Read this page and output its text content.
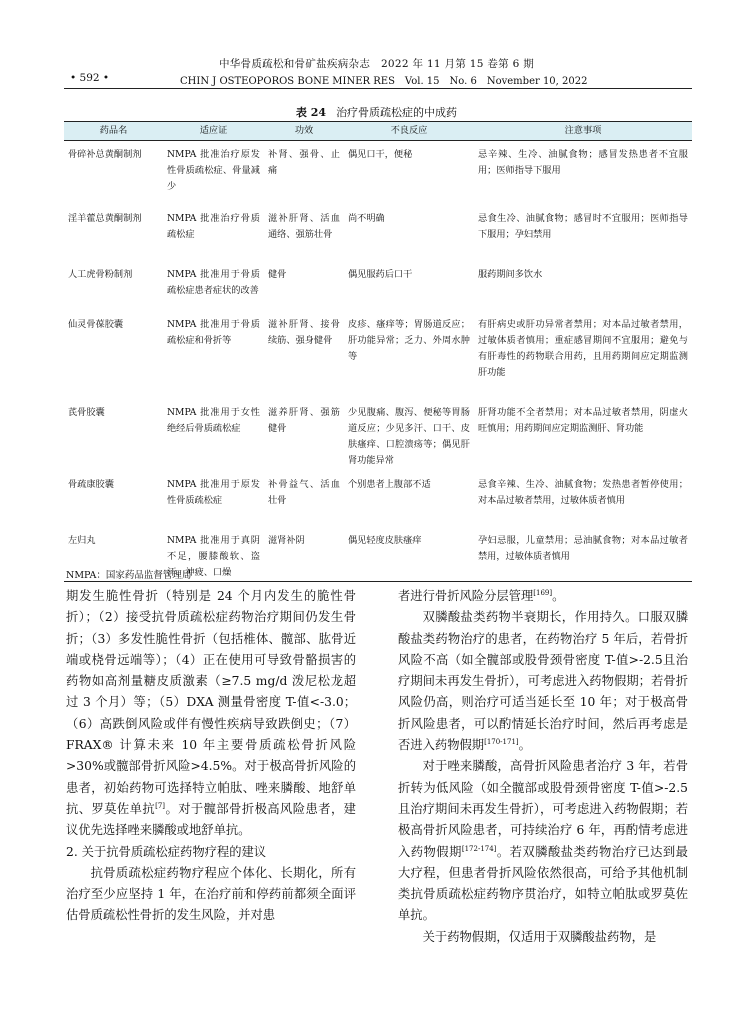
中华骨质疏松和骨矿盐疾病杂志　2022 年 11 月第 15 卷第 6 期
• 592 •	CHIN J OSTEOPOROS BONE MINER RES　Vol. 15　No. 6　November 10, 2022
表 24 治疗骨质疏松症的中成药
药品名	适应证	功效	不良反应	注意事项
骨碎补总黄酮制剂	NMPA 批准治疗原发性骨质疏松症、骨量减少	补肾、强骨、止痛	偶见口干，便秘	忌辛辣、生冷、油腻食物；感冒发热患者不宜服用；医师指导下服用
淫羊藿总黄酮制剂	NMPA 批准治疗骨质疏松症	滋补肝肾、活血通络、强筋壮骨	尚不明确	忌食生冷、油腻食物；感冒时不宜服用；医师指导下服用；孕妇禁用
人工虎骨粉制剂	NMPA 批准用于骨质疏松症患者症状的改善	健骨	偶见服药后口干	服药期间多饮水
仙灵骨葆胶囊	NMPA 批准用于骨质疏松症和骨折等	滋补肝肾、接骨续筋、强身健骨	皮疹、瘙痒等；胃肠道反应；肝功能异常；乏力、外周水肿等	有肝病史或肝功异常者禁用；对本品过敏者禁用，过敏体质者慎用；重症感冒期间不宜服用；避免与有肝毒性的药物联合用药，且用药期间应定期监测肝功能
芪骨胶囊	NMPA 批准用于女性绝经后骨质疏松症	滋养肝肾、强筋健骨	少见腹痛、腹泻、便秘等胃肠道反应；少见多汗、口干、皮肤瘙痒、口腔溃疡等；偶见肝肾功能异常	肝肾功能不全者禁用；对本品过敏者禁用，阴虚火旺慎用；用药期间应定期监测肝、肾功能
骨疏康胶囊	NMPA 批准用于原发性骨质疏松症	补骨益气、活血壮骨	个别患者上腹部不适	忌食辛辣、生冷、油腻食物；发热患者暂停使用；对本品过敏者禁用，过敏体质者慎用
左归丸	NMPA 批准用于真阴不足，腰膝酸软、盗汗、神疲、口燥	滋肾补阴	偶见轻度皮肤瘙痒	孕妇忌服，儿童禁用；忌油腻食物；对本品过敏者禁用，过敏体质者慎用
NMPA：国家药品监督管理局

期发生脆性骨折（特别是 24 个月内发生的脆性骨折）；（2）接受抗骨质疏松症药物治疗期间仍发生骨折；（3）多发性脆性骨折（包括椎体、髋部、肱骨近端或桡骨远端等）；（4）正在使用可导致骨骼损害的药物如高剂量糖皮质激素（≥7.5 mg/d 泼尼松龙超过 3 个月）等；（5）DXA 测量骨密度 T-值<-3.0；（6）高跌倒风险或伴有慢性疾病导致跌倒史；（7）FRAX® 计算未来 10 年主要骨质疏松骨折风险>30%或髋部骨折风险>4.5%。对于极高骨折风险的患者，初始药物可选择特立帕肽、唑来膦酸、地舒单抗、罗莫佐单抗[7]。对于髋部骨折极高风险患者，建议优先选择唑来膦酸或地舒单抗。

2. 关于抗骨质疏松症药物疗程的建议

抗骨质疏松症药物疗程应个体化、长期化，所有治疗至少应坚持 1 年，在治疗前和停药前都须全面评估骨质疏松性骨折的发生风险，并对患

者进行骨折风险分层管理[169]。

双膦酸盐类药物半衰期长，作用持久。口服双膦酸盐类药物治疗的患者，在药物治疗 5 年后，若骨折风险不高（如全髋部或股骨颈骨密度 T-值>-2.5且治疗期间未再发生骨折），可考虑进入药物假期；若骨折风险仍高，则治疗可适当延长至 10 年；对于极高骨折风险患者，可以酌情延长治疗时间，然后再考虑是否进入药物假期[170-171]。

对于唑来膦酸，高骨折风险患者治疗 3 年，若骨折转为低风险（如全髋部或股骨颈骨密度 T-值>-2.5 且治疗期间未再发生骨折），可考虑进入药物假期；若极高骨折风险患者，可持续治疗 6 年，再酌情考虑进入药物假期[172-174]。若双膦酸盐类药物治疗已达到最大疗程，但患者骨折风险依然很高，可给予其他机制类抗骨质疏松症药物序贯治疗，如特立帕肽或罗莫佐单抗。

关于药物假期，仅适用于双膦酸盐药物，是
